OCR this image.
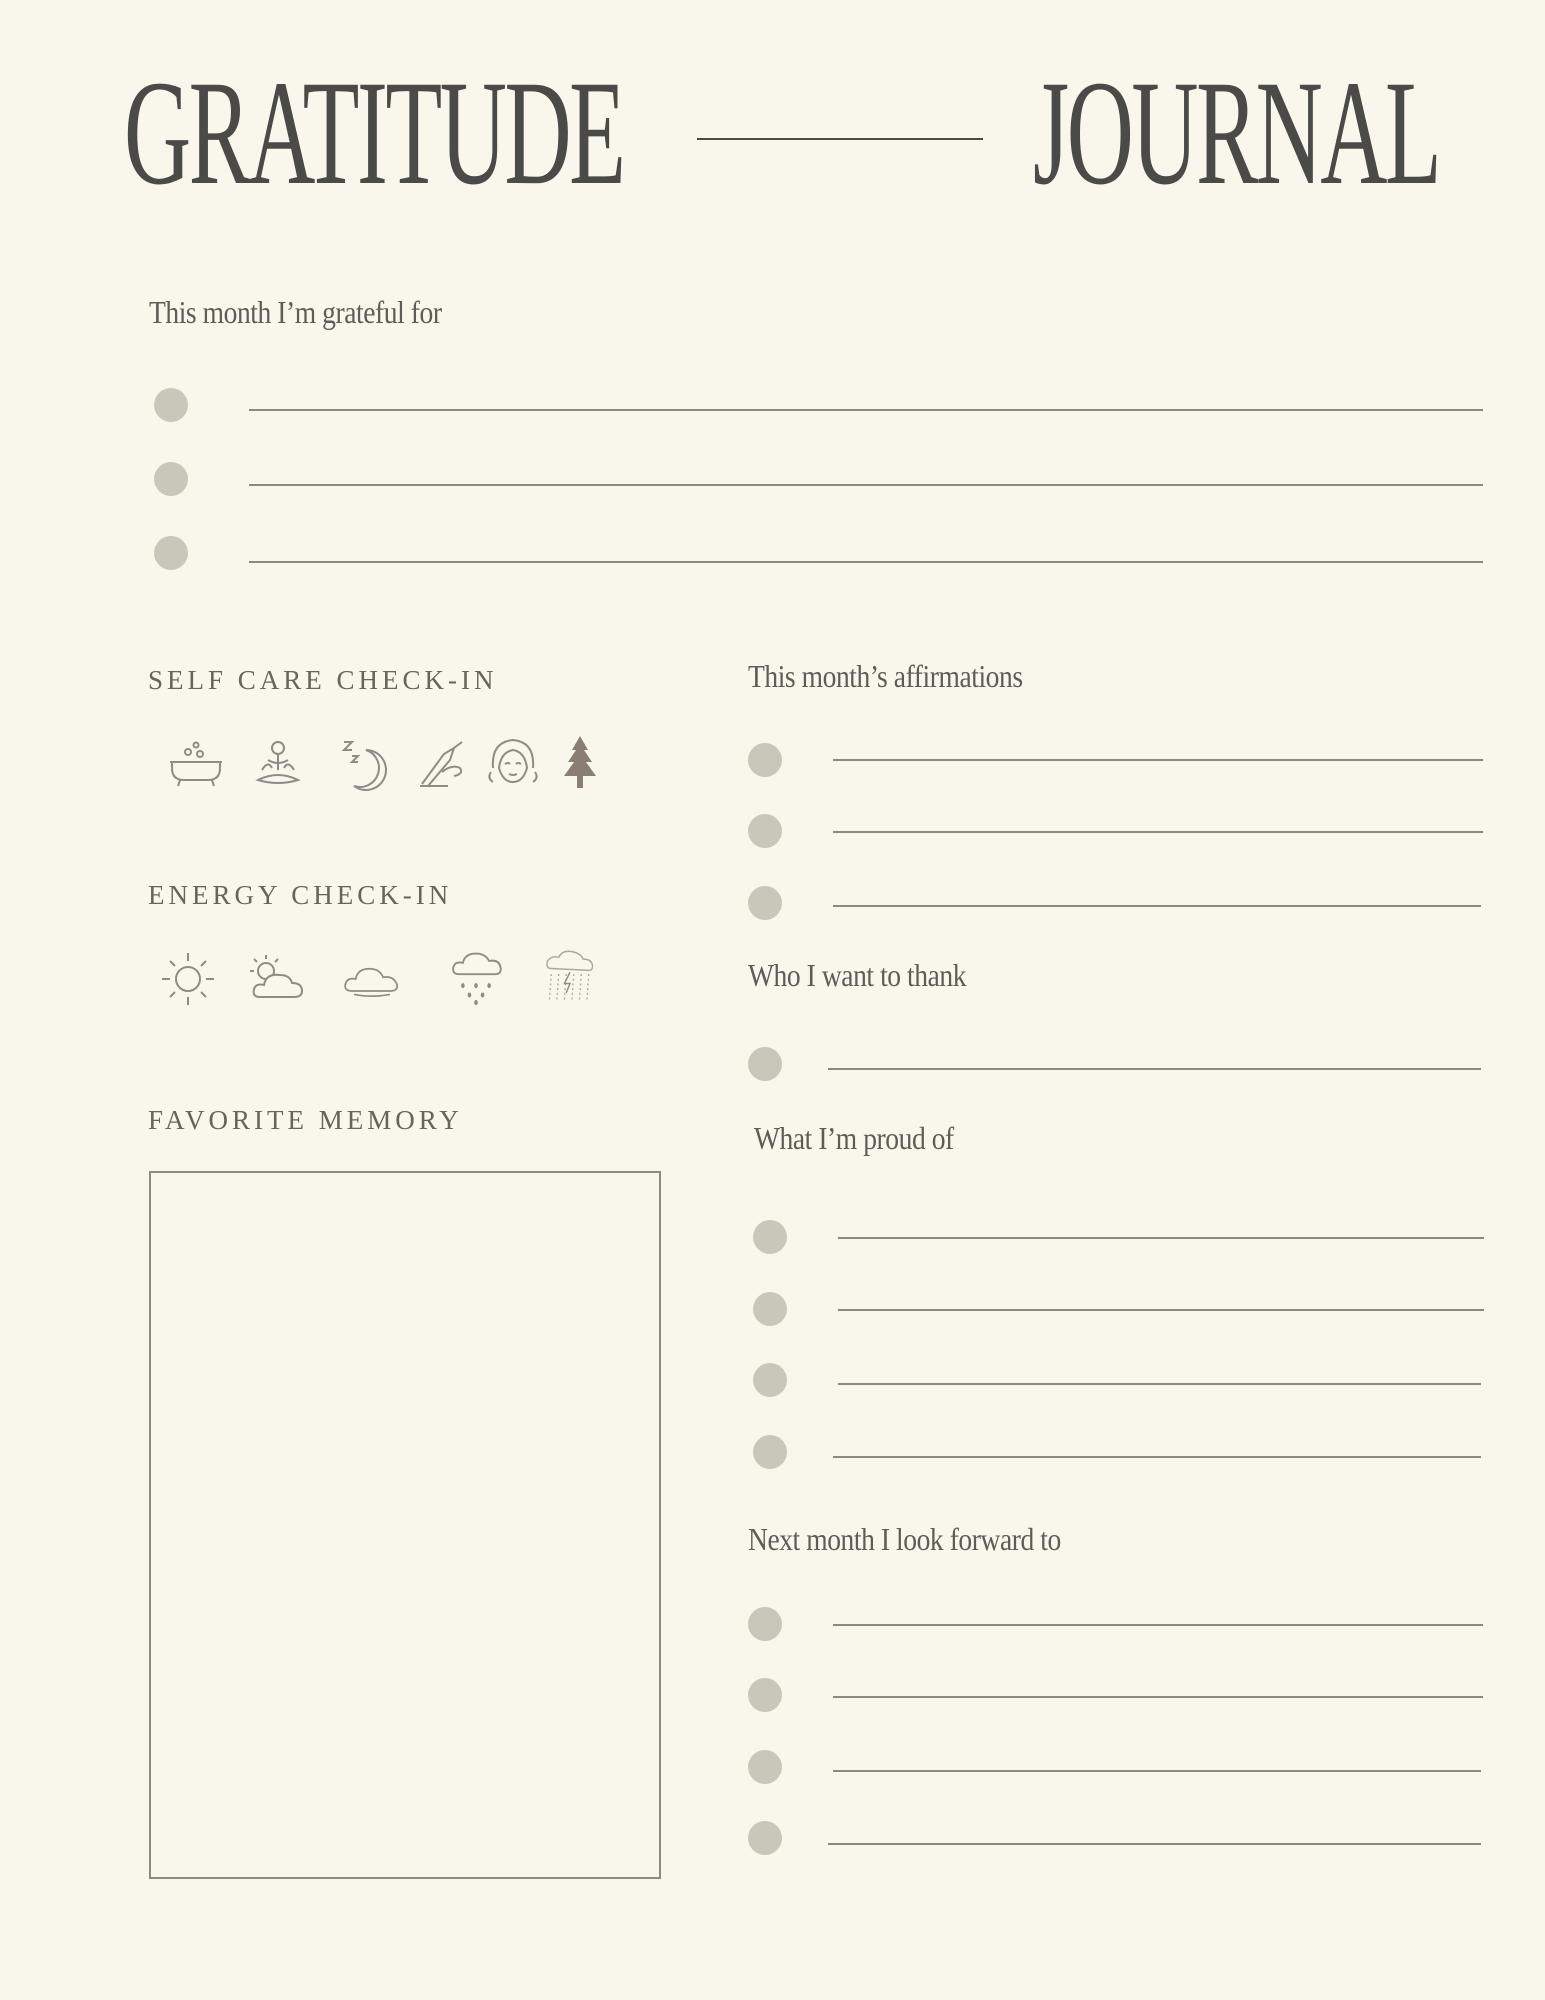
GRATITUDE	JOURNAL
This month I’m grateful for
SELF CARE CHECK-IN
ENERGY CHECK-IN
FAVORITE MEMORY
This month’s affirmations
Who I want to thank
What I’m proud of
Next month I look forward to
